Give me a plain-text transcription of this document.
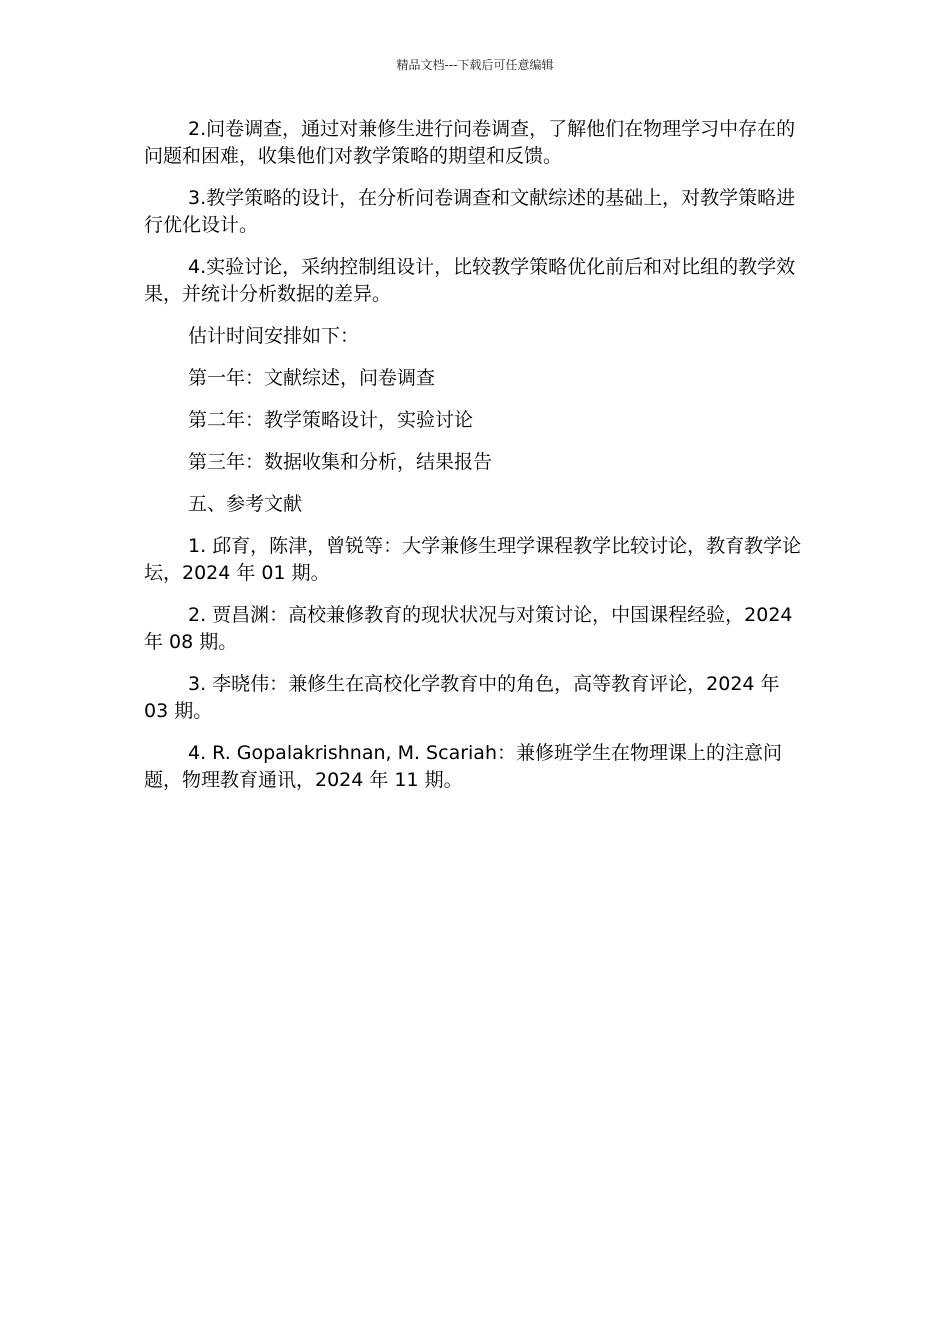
精品文档---下载后可任意编辑

2.问卷调查，通过对兼修生进行问卷调查，了解他们在物理学习中存在的问题和困难，收集他们对教学策略的期望和反馈。

3.教学策略的设计，在分析问卷调查和文献综述的基础上，对教学策略进行优化设计。

4.实验讨论，采纳控制组设计，比较教学策略优化前后和对比组的教学效果，并统计分析数据的差异。

估计时间安排如下：

第一年：文献综述，问卷调查

第二年：教学策略设计，实验讨论

第三年：数据收集和分析，结果报告

五、参考文献

1. 邱育，陈津，曾锐等：大学兼修生理学课程教学比较讨论，教育教学论坛，2024 年 01 期。

2. 贾昌渊：高校兼修教育的现状状况与对策讨论，中国课程经验，2024 年 08 期。

3. 李晓伟：兼修生在高校化学教育中的角色，高等教育评论，2024 年 03 期。

4. R. Gopalakrishnan, M. Scariah：兼修班学生在物理课上的注意问题，物理教育通讯，2024 年 11 期。
